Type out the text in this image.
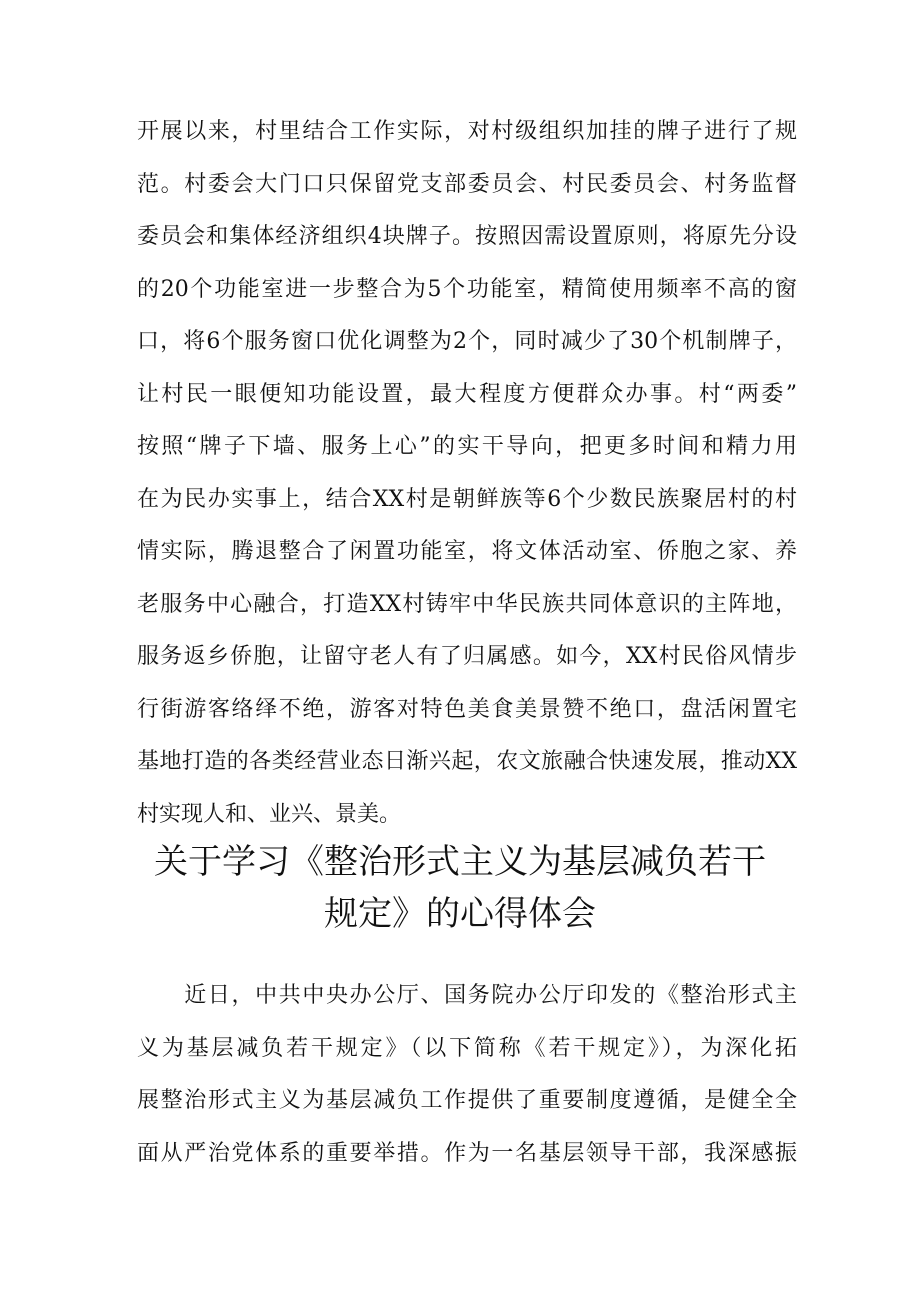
开展以来，村里结合工作实际，对村级组织加挂的牌子进行了规
范。村委会大门口只保留党支部委员会、村民委员会、村务监督
委员会和集体经济组织4块牌子。按照因需设置原则，将原先分设
的20个功能室进一步整合为5个功能室，精简使用频率不高的窗
口，将6个服务窗口优化调整为2个，同时减少了30个机制牌子，
让村民一眼便知功能设置，最大程度方便群众办事。村“两委”
按照“牌子下墙、服务上心”的实干导向，把更多时间和精力用
在为民办实事上，结合XX村是朝鲜族等6个少数民族聚居村的村
情实际，腾退整合了闲置功能室，将文体活动室、侨胞之家、养
老服务中心融合，打造XX村铸牢中华民族共同体意识的主阵地，
服务返乡侨胞，让留守老人有了归属感。如今，XX村民俗风情步
行街游客络绎不绝，游客对特色美食美景赞不绝口，盘活闲置宅
基地打造的各类经营业态日渐兴起，农文旅融合快速发展，推动XX
村实现人和、业兴、景美。
关于学习《整治形式主义为基层减负若干
规定》的心得体会
　　近日，中共中央办公厅、国务院办公厅印发的《整治形式主
义为基层减负若干规定》（以下简称《若干规定》），为深化拓
展整治形式主义为基层减负工作提供了重要制度遵循，是健全全
面从严治党体系的重要举措。作为一名基层领导干部，我深感振
